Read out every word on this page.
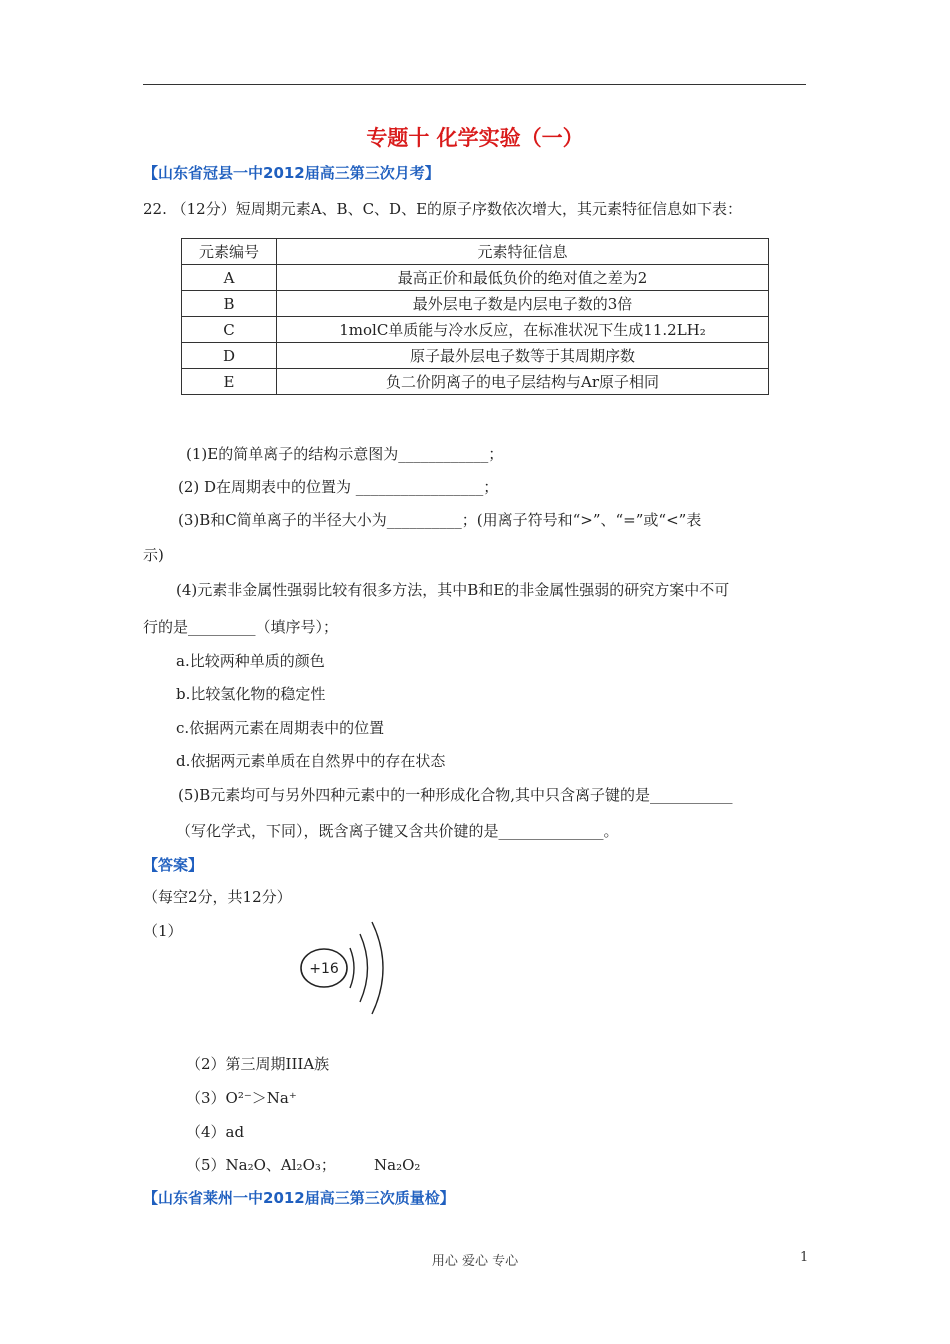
专题十 化学实验（一）
【山东省冠县一中2012届高三第三次月考】
22. （12分）短周期元素A、B、C、D、E的原子序数依次增大，其元素特征信息如下表：
元素编号	元素特征信息
A	最高正价和最低负价的绝对值之差为2
B	最外层电子数是内层电子数的3倍
C	1molC单质能与冷水反应，在标准状况下生成11.2LH₂
D	原子最外层电子数等于其周期序数
E	负二价阴离子的电子层结构与Ar原子相同
(1)E的简单离子的结构示意图为____________；
(2) D在周期表中的位置为 _________________；
(3)B和C简单离子的半径大小为__________；(用离子符号和“>”、“=”或“<”表
示)
(4)元素非金属性强弱比较有很多方法，其中B和E的非金属性强弱的研究方案中不可
行的是_________（填序号）；
a.比较两种单质的颜色
b.比较氢化物的稳定性
c.依据两元素在周期表中的位置
d.依据两元素单质在自然界中的存在状态
(5)B元素均可与另外四种元素中的一种形成化合物,其中只含离子键的是___________
（写化学式，下同），既含离子键又含共价键的是______________。
【答案】
（每空2分，共12分）
（1）
+16
（2）第三周期IIIA族
（3）O²⁻＞Na⁺
（4）ad
（5）Na₂O、Al₂O₃；        Na₂O₂
【山东省莱州一中2012届高三第三次质量检】
用心 爱心 专心	1
